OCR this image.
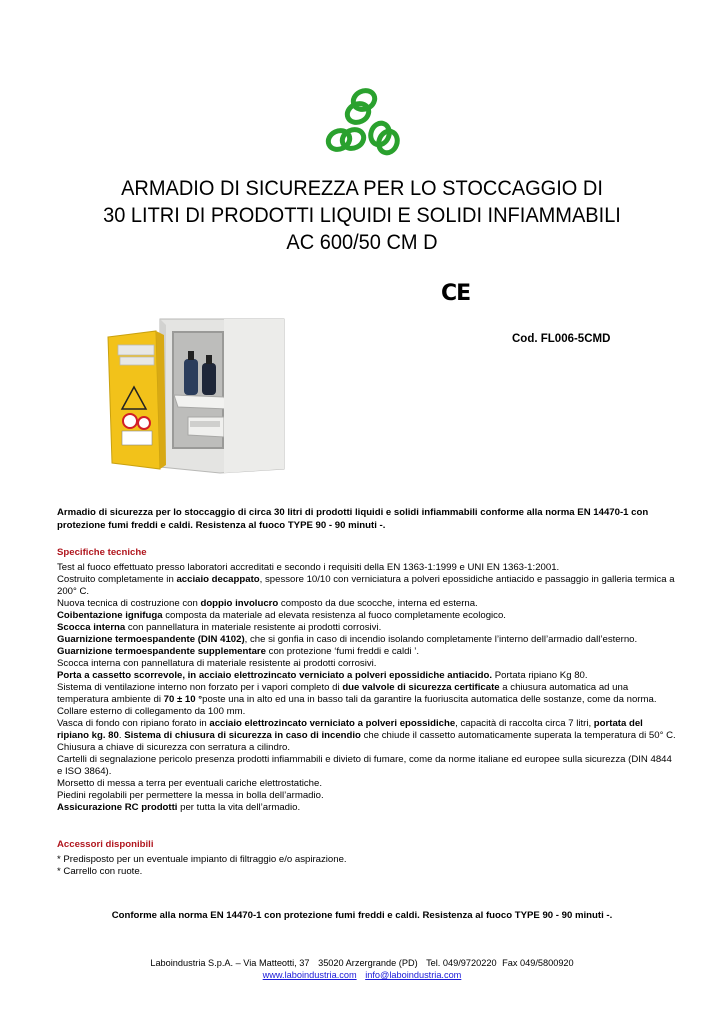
ARMADIO DI SICUREZZA PER LO STOCCAGGIO DI
30 LITRI DI PRODOTTI LIQUIDI E SOLIDI INFIAMMABILI
AC 600/50 CM D
CE
Cod. FL006-5CMD
Armadio di sicurezza per lo stoccaggio di circa 30 litri di prodotti liquidi e solidi infiammabili conforme alla norma EN 14470-1 con protezione fumi freddi e caldi. Resistenza al fuoco TYPE 90 - 90 minuti -.
Specifiche tecniche

Test al fuoco effettuato presso laboratori accreditati e secondo i requisiti della EN 1363-1:1999 e UNI EN 1363-1:2001.

Costruito completamente in acciaio decappato, spessore 10/10 con verniciatura a polveri epossidiche antiacido e passaggio in galleria termica a 200° C.

Nuova tecnica di costruzione con doppio involucro composto da due scocche, interna ed esterna.

Coibentazione ignifuga composta da materiale ad elevata resistenza al fuoco completamente ecologico.

Scocca interna con pannellatura in materiale resistente ai prodotti corrosivi.

Guarnizione termoespandente (DIN 4102), che si gonfia in caso di incendio isolando completamente l’interno dell’armadio dall’esterno.

Guarnizione termoespandente supplementare con protezione ‘fumi freddi e caldi ’.

Scocca interna con pannellatura di materiale resistente ai prodotti corrosivi.

Porta a cassetto scorrevole, in acciaio elettrozincato verniciato a polveri epossidiche antiacido. Portata ripiano Kg 80.

Sistema di ventilazione interno non forzato per i vapori completo di due valvole di sicurezza certificate a chiusura automatica ad una temperatura ambiente di 70 ± 10 °poste una in alto ed una in basso tali da garantire la fuoriuscita automatica delle sostanze, come da norma. Collare esterno di collegamento da 100 mm.

Vasca di fondo con ripiano forato in acciaio elettrozincato verniciato a polveri epossidiche, capacità di raccolta circa 7 litri, portata del ripiano kg. 80. Sistema di chiusura di sicurezza in caso di incendio che chiude il cassetto automaticamente superata la temperatura di 50° C.

Chiusura a chiave di sicurezza con serratura a cilindro.

Cartelli di segnalazione pericolo presenza prodotti infiammabili e divieto di fumare, come da norme italiane ed europee sulla sicurezza (DIN 4844 e ISO 3864).

Morsetto di messa a terra per eventuali cariche elettrostatiche.

Piedini regolabili per permettere la messa in bolla dell’armadio.

Assicurazione RC prodotti per tutta la vita dell’armadio.

Accessori disponibili

* Predisposto per un eventuale impianto di filtraggio e/o aspirazione.

* Carrello con ruote.

Conforme alla norma EN 14470-1 con protezione fumi freddi e caldi. Resistenza al fuoco TYPE 90 - 90 minuti -.
Laboindustria S.p.A. – Via Matteotti, 37 35020 Arzergrande (PD) Tel. 049/9720220 Fax 049/5800920
www.laboindustria.com info@laboindustria.com
